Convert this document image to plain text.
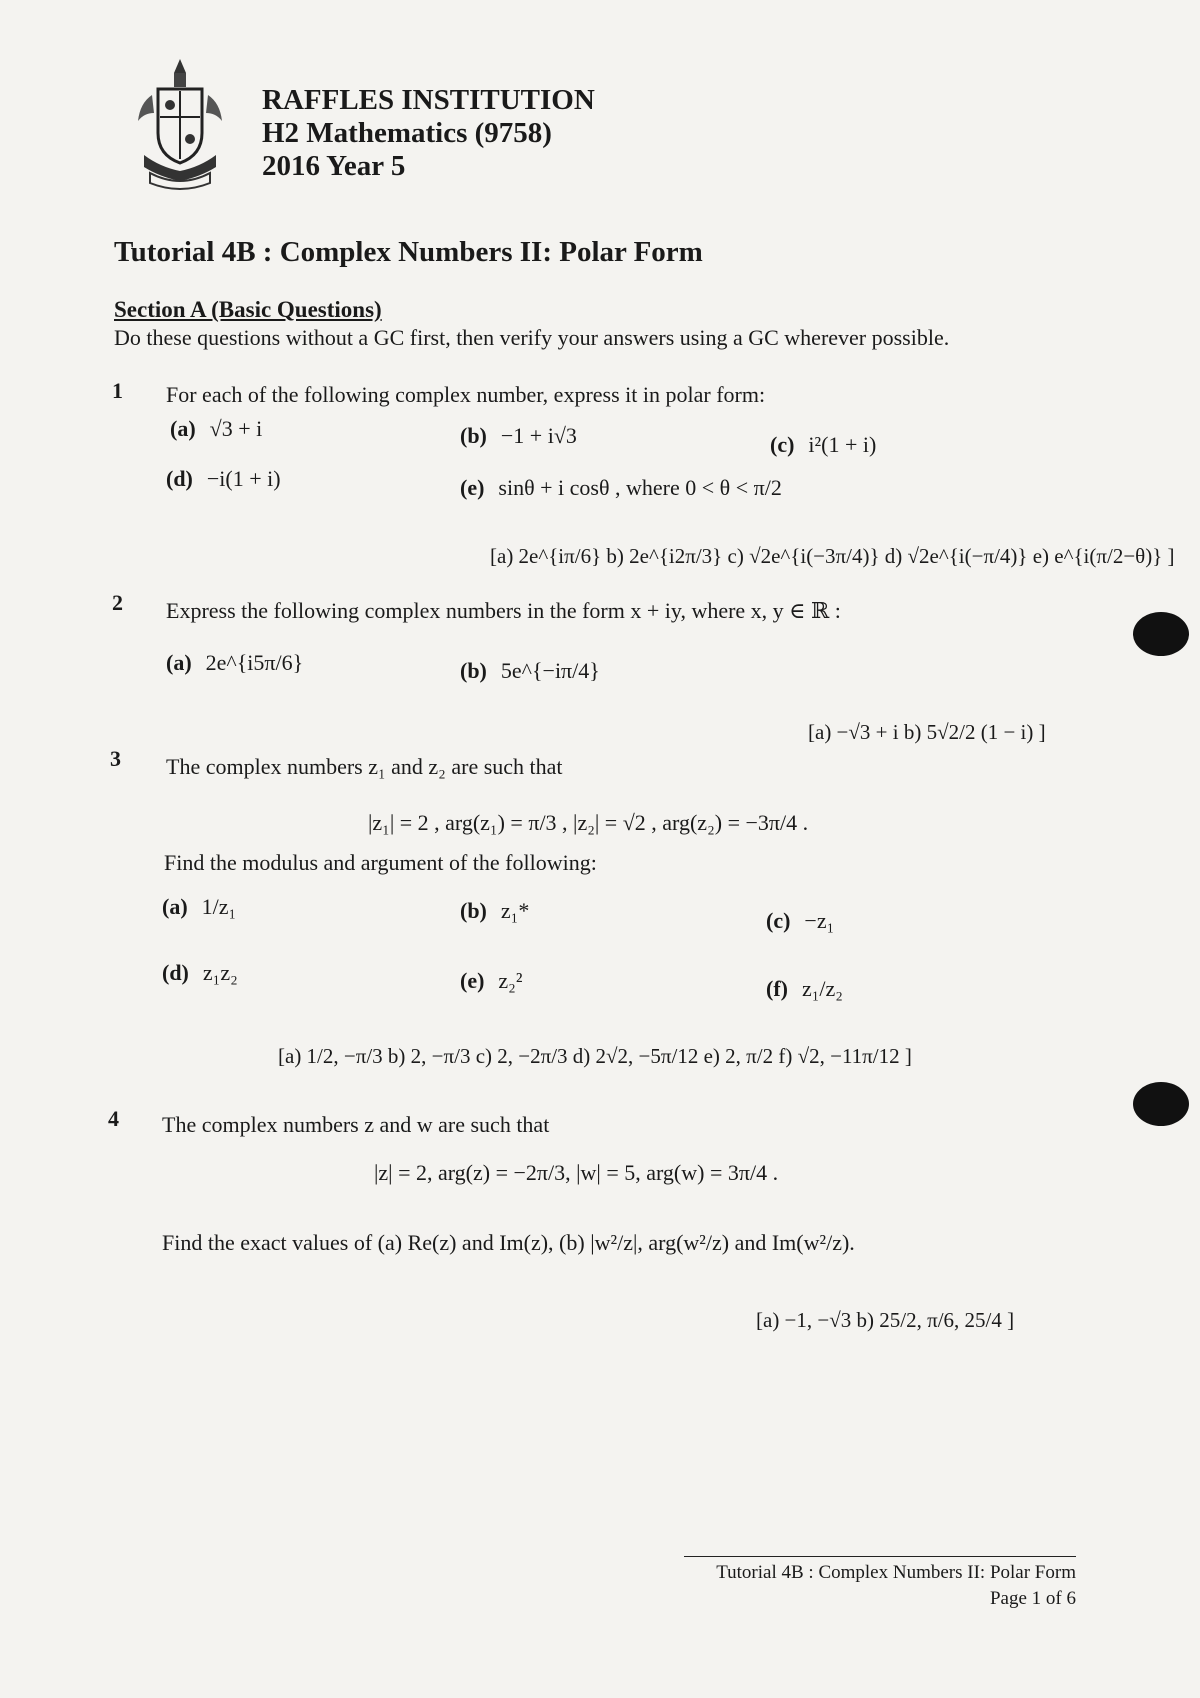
RAFFLES INSTITUTION
H2 Mathematics (9758)
2016 Year 5
Tutorial 4B : Complex Numbers II: Polar Form
Section A (Basic Questions)
Do these questions without a GC first, then verify your answers using a GC wherever possible.
1 For each of the following complex number, express it in polar form:
(a) √3 + i	(b) −1 + i√3	(c) i²(1 + i)
(d) −i(1 + i)	(e) sinθ + i cosθ , where 0 < θ < π/2
[a) 2e^{iπ/6} b) 2e^{i2π/3} c) √2e^{i(−3π/4)} d) √2e^{i(−π/4)} e) e^{i(π/2−θ)} ]
2 Express the following complex numbers in the form x + iy, where x, y ∈ ℝ :
(a) 2e^{i5π/6}	(b) 5e^{−iπ/4}
[a) −√3 + i b) 5√2/2 (1 − i) ]
3 The complex numbers z₁ and z₂ are such that
|z₁| = 2 , arg(z₁) = π/3 , |z₂| = √2 , arg(z₂) = −3π/4 .
Find the modulus and argument of the following:
(a) 1/z₁	(b) z₁*	(c) −z₁
(d) z₁z₂	(e) z₂²	(f) z₁/z₂
[a) 1/2, −π/3 b) 2, −π/3 c) 2, −2π/3 d) 2√2, −5π/12 e) 2, π/2 f) √2, −11π/12 ]
4 The complex numbers z and w are such that
|z| = 2, arg(z) = −2π/3, |w| = 5, arg(w) = 3π/4 .
Find the exact values of (a) Re(z) and Im(z), (b) |w²/z|, arg(w²/z) and Im(w²/z).
[a) −1, −√3 b) 25/2, π/6, 25/4 ]
Tutorial 4B : Complex Numbers II: Polar Form
Page 1 of 6
